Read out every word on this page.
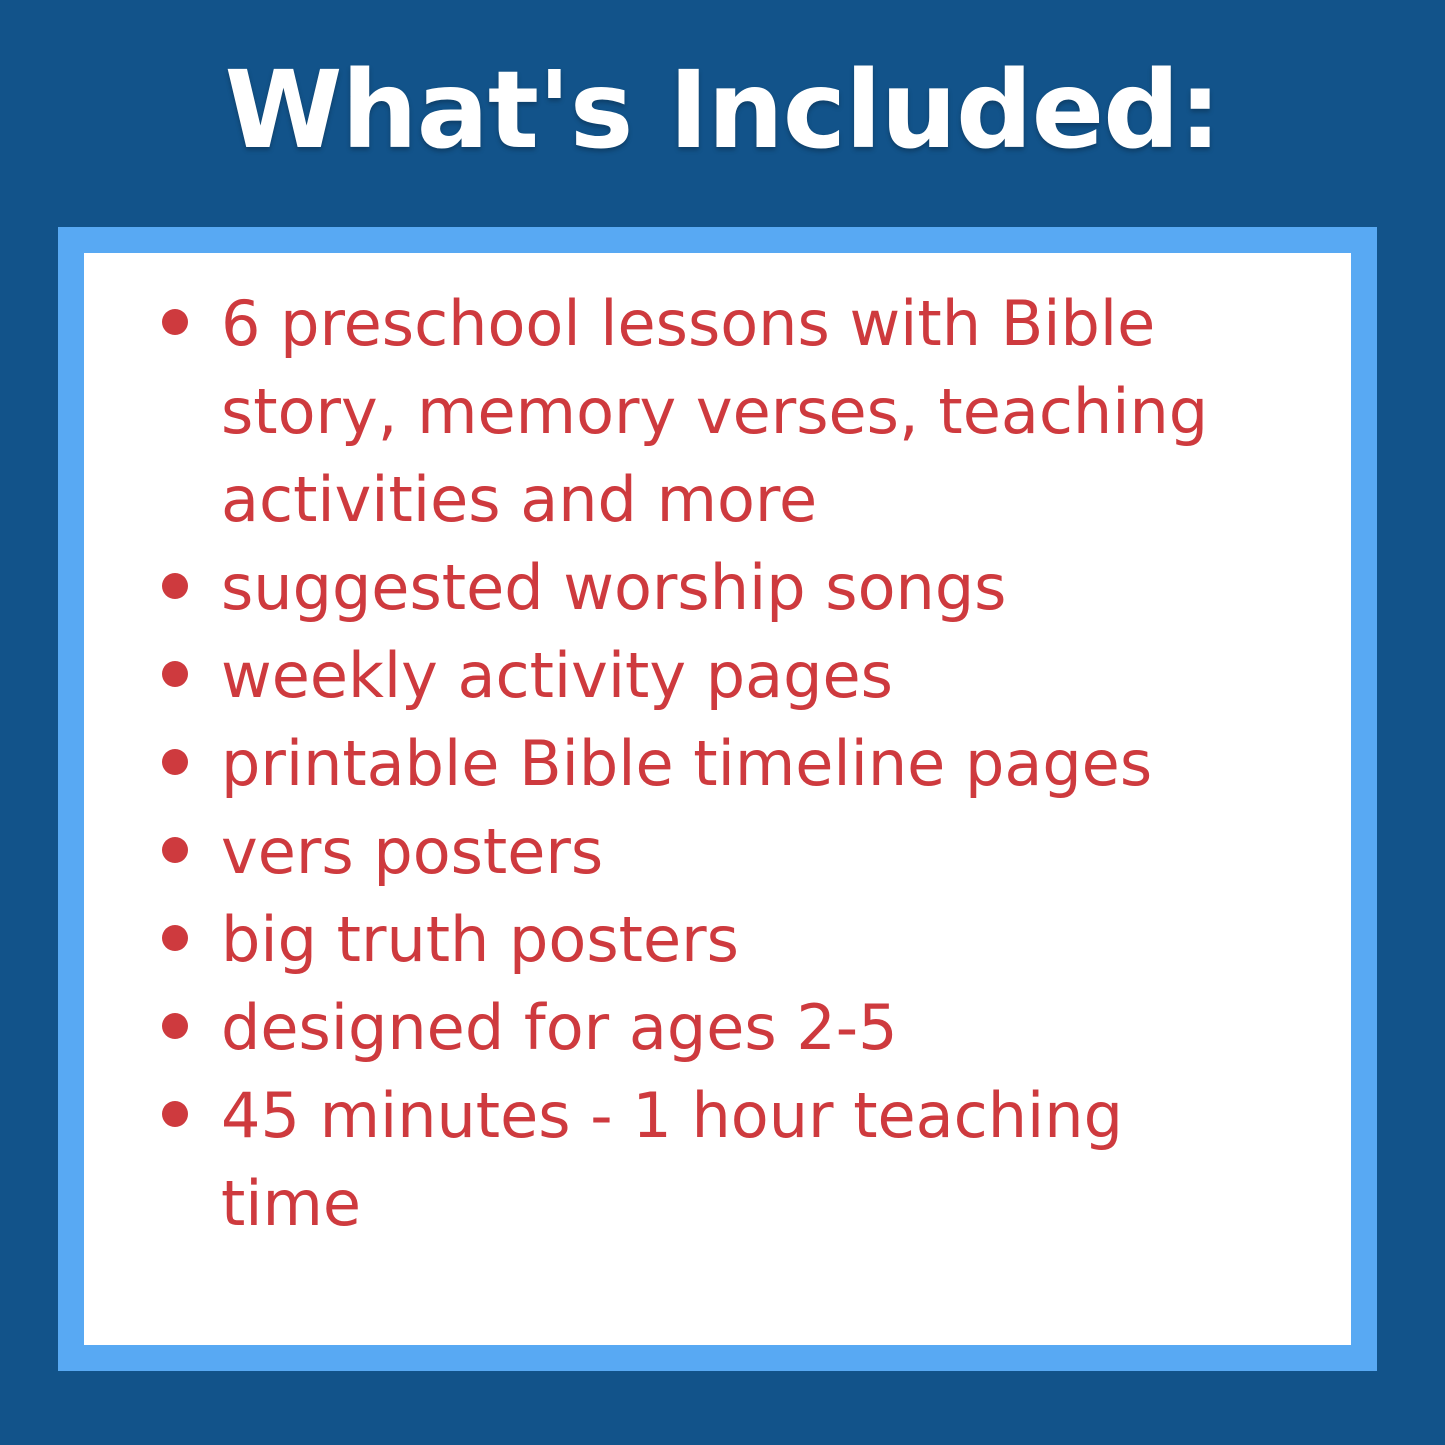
What's Included:
6 preschool lessons with Bible story, memory verses, teaching activities and more
suggested worship songs
weekly activity pages
printable Bible timeline pages
vers posters
big truth posters
designed for ages 2-5
45 minutes - 1 hour teaching time
